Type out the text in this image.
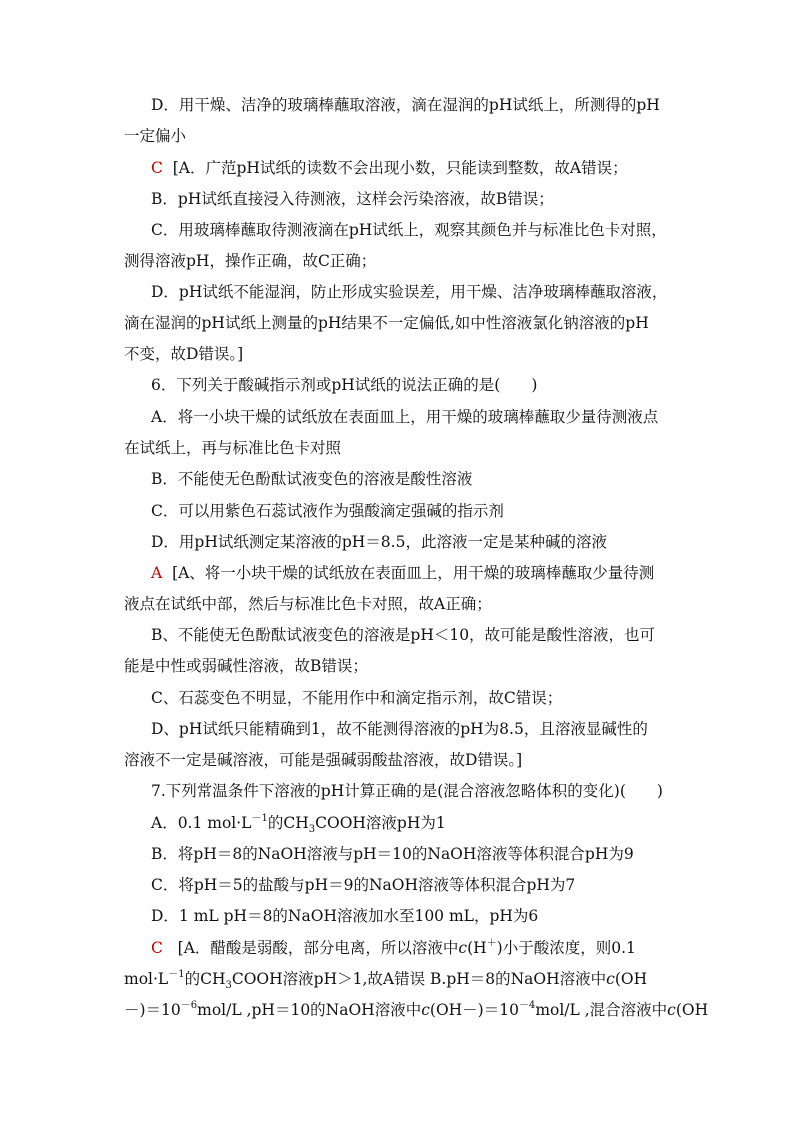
D．用干燥、洁净的玻璃棒蘸取溶液，滴在湿润的pH试纸上，所测得的pH
一定偏小
C [A．广范pH试纸的读数不会出现小数，只能读到整数，故A错误；
B．pH试纸直接浸入待测液，这样会污染溶液，故B错误；
C．用玻璃棒蘸取待测液滴在pH试纸上，观察其颜色并与标准比色卡对照，
测得溶液pH，操作正确，故C正确；
D．pH试纸不能湿润，防止形成实验误差，用干燥、洁净玻璃棒蘸取溶液，
滴在湿润的pH试纸上测量的pH结果不一定偏低,如中性溶液氯化钠溶液的pH
不变，故D错误。]
6．下列关于酸碱指示剂或pH试纸的说法正确的是(　　)
A．将一小块干燥的试纸放在表面皿上，用干燥的玻璃棒蘸取少量待测液点
在试纸上，再与标准比色卡对照
B．不能使无色酚酞试液变色的溶液是酸性溶液
C．可以用紫色石蕊试液作为强酸滴定强碱的指示剂
D．用pH试纸测定某溶液的pH＝8.5，此溶液一定是某种碱的溶液
A [A、将一小块干燥的试纸放在表面皿上，用干燥的玻璃棒蘸取少量待测
液点在试纸中部，然后与标准比色卡对照，故A正确；
B、不能使无色酚酞试液变色的溶液是pH＜10，故可能是酸性溶液，也可
能是中性或弱碱性溶液，故B错误；
C、石蕊变色不明显，不能用作中和滴定指示剂，故C错误；
D、pH试纸只能精确到1，故不能测得溶液的pH为8.5，且溶液显碱性的
溶液不一定是碱溶液，可能是强碱弱酸盐溶液，故D错误。]
7.下列常温条件下溶液的pH计算正确的是(混合溶液忽略体积的变化)(　　)
A．0.1 $mol\cdot L^{-1}$的$CH_3COOH$溶液pH为1
B．将pH＝8的NaOH溶液与pH＝10的NaOH溶液等体积混合pH为9
C．将pH＝5的盐酸与pH＝9的NaOH溶液等体积混合pH为7
D．1 mL pH＝8的NaOH溶液加水至100 mL，pH为6
C [A．醋酸是弱酸，部分电离，所以溶液中c(H＋)小于酸浓度，则0.1
$mol\cdot L^{-1}$的$CH_3COOH$溶液pH＞1,故A错误 B.pH＝8的NaOH溶液中c(OH
$-)=10^{-6}mol/L$ ,pH＝10的NaOH溶液中$c(OH-)=10^{-4}mol/L$ ,混合溶液中c(OH
